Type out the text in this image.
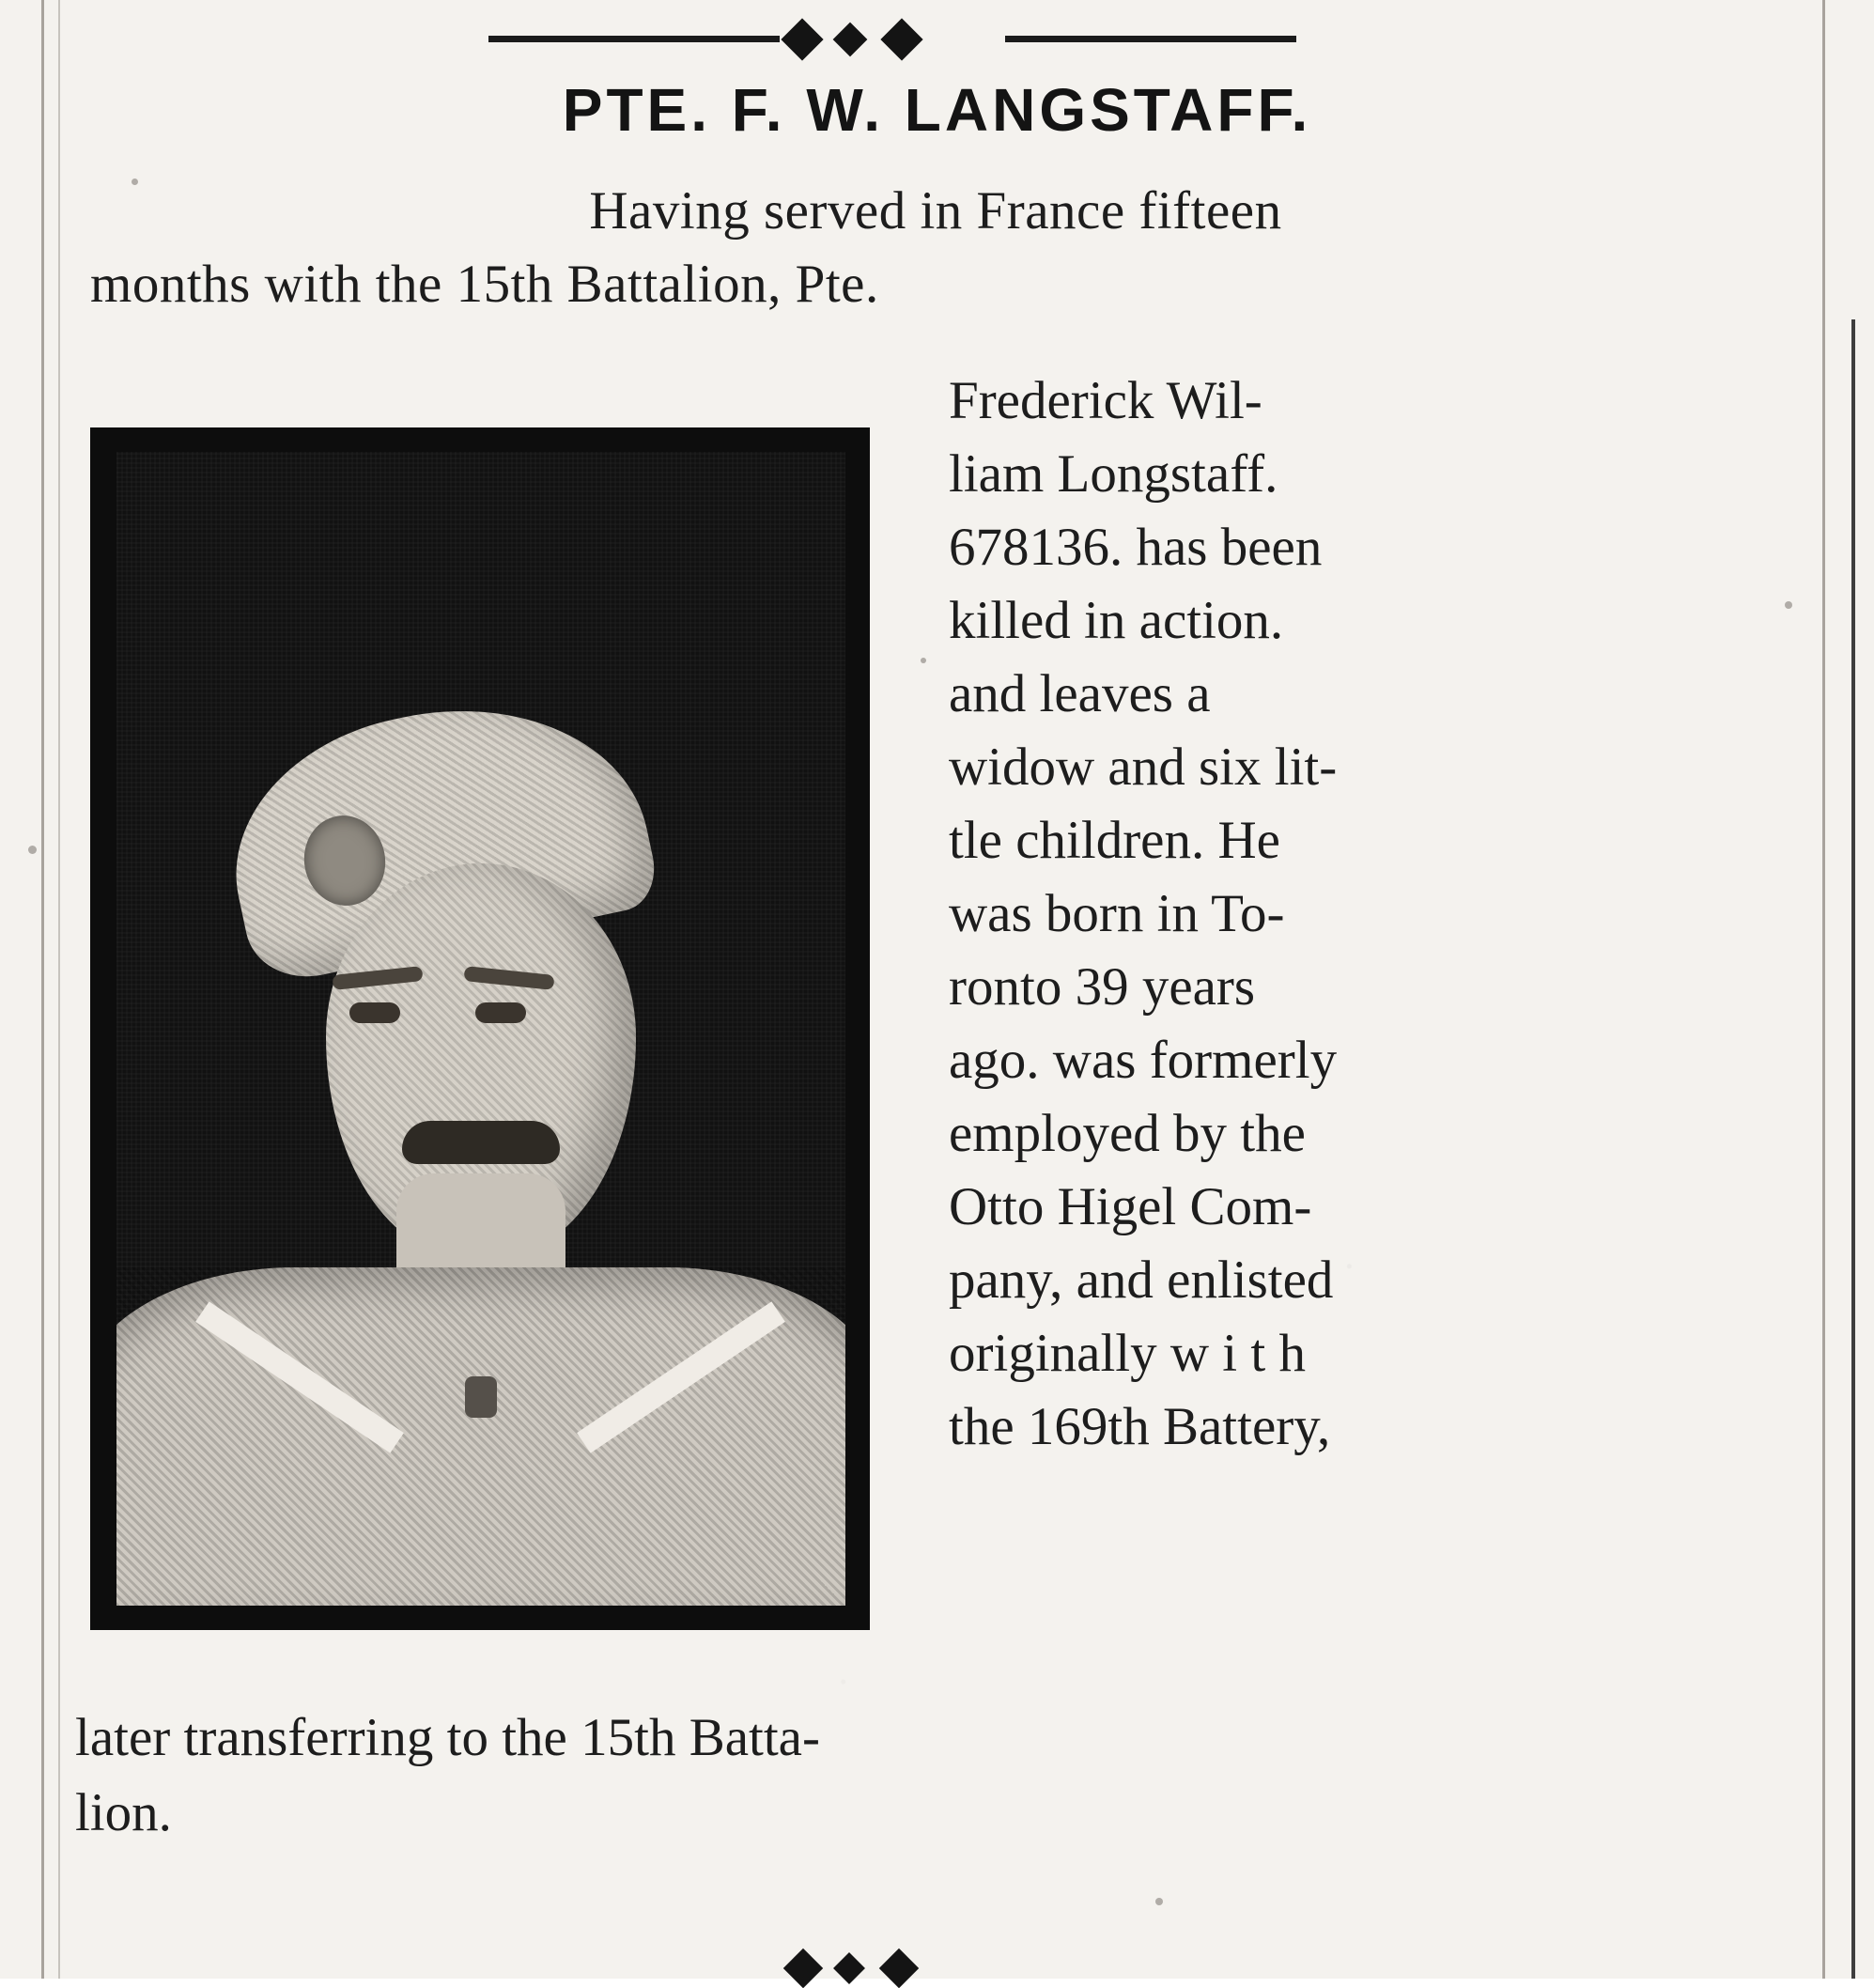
PTE. F. W. LANGSTAFF.
Having served in France fifteen
months with the 15th Battalion, Pte.
Frederick Wil-
liam Longstaff.
678136. has been
killed in action.
and leaves a
widow and six lit-
tle children. He
was born in To-
ronto 39 years
ago. was formerly
employed by the
Otto Higel Com-
pany, and enlisted
originally w i t h
the 169th Battery,
later transferring to the 15th Batta-
lion.
